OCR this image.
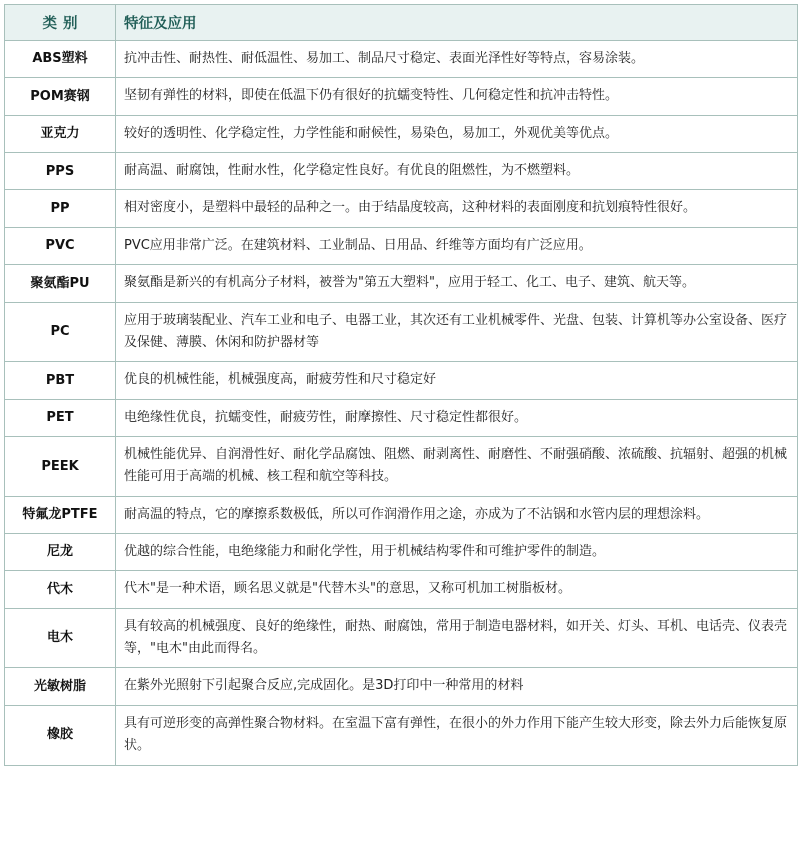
类别	特征及应用
ABS塑料	抗冲击性、耐热性、耐低温性、易加工、制品尺寸稳定、表面光泽性好等特点，容易涂装。
POM赛钢	坚韧有弹性的材料，即使在低温下仍有很好的抗蠕变特性、几何稳定性和抗冲击特性。
亚克力	较好的透明性、化学稳定性，力学性能和耐候性，易染色，易加工，外观优美等优点。
PPS	耐高温、耐腐蚀，性耐水性，化学稳定性良好。有优良的阻燃性，为不燃塑料。
PP	相对密度小，是塑料中最轻的品种之一。由于结晶度较高，这种材料的表面刚度和抗划痕特性很好。
PVC	PVC应用非常广泛。在建筑材料、工业制品、日用品、纤维等方面均有广泛应用。
聚氨酯PU	聚氨酯是新兴的有机高分子材料，被誉为"第五大塑料"，应用于轻工、化工、电子、建筑、航天等。
PC	应用于玻璃装配业、汽车工业和电子、电器工业，其次还有工业机械零件、光盘、包装、计算机等办公室设备、医疗及保健、薄膜、休闲和防护器材等
PBT	优良的机械性能，机械强度高，耐疲劳性和尺寸稳定好
PET	电绝缘性优良，抗蠕变性，耐疲劳性，耐摩擦性、尺寸稳定性都很好。
PEEK	机械性能优异、自润滑性好、耐化学品腐蚀、阻燃、耐剥离性、耐磨性、不耐强硝酸、浓硫酸、抗辐射、超强的机械性能可用于高端的机械、核工程和航空等科技。
特氟龙PTFE	耐高温的特点，它的摩擦系数极低，所以可作润滑作用之途，亦成为了不沾锅和水管内层的理想涂料。
尼龙	优越的综合性能，电绝缘能力和耐化学性，用于机械结构零件和可维护零件的制造。
代木	代木"是一种术语，顾名思义就是"代替木头"的意思，又称可机加工树脂板材。
电木	具有较高的机械强度、良好的绝缘性，耐热、耐腐蚀，常用于制造电器材料，如开关、灯头、耳机、电话壳、仪表壳等，"电木"由此而得名。
光敏树脂	在紫外光照射下引起聚合反应,完成固化。是3D打印中一种常用的材料
橡胶	具有可逆形变的高弹性聚合物材料。在室温下富有弹性，在很小的外力作用下能产生较大形变，除去外力后能恢复原状。
